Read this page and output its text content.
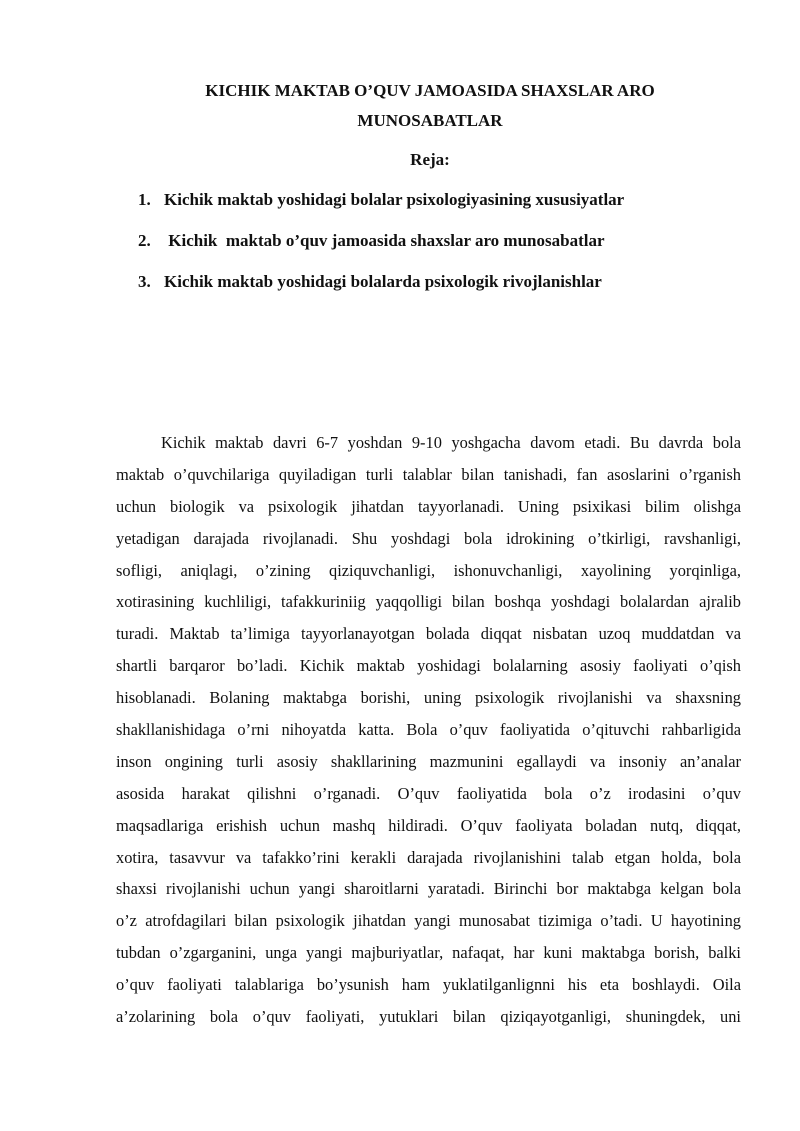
KICHIK MAKTAB O’QUV JAMOASIDA SHAXSLAR ARO
MUNOSABATLAR
Reja:
1. Kichik maktab yoshidagi bolalar psixologiyasining xususiyatlar
2. Kichik  maktab o’quv jamoasida shaxslar aro munosabatlar
3. Kichik maktab yoshidagi bolalarda psixologik rivojlanishlar
Kichik maktab davri 6-7 yoshdan 9-10 yoshgacha davom etadi. Bu davrda bola
maktab o’quvchilariga quyiladigan turli talablar bilan tanishadi, fan asoslarini o’rganish
uchun biologik va psixologik jihatdan tayyorlanadi. Uning psixikasi bilim olishga
yetadigan darajada rivojlanadi. Shu yoshdagi bola idrokining o’tkirligi, ravshanligi,
sofligi, aniqlagi, o’zining qiziquvchanligi, ishonuvchanligi, xayolining yorqinliga,
xotirasining kuchliligi, tafakkuriniig yaqqolligi bilan boshqa yoshdagi bolalardan ajralib
turadi. Maktab ta’limiga tayyorlanayotgan bolada diqqat nisbatan uzoq muddatdan va
shartli barqaror bo’ladi. Kichik maktab yoshidagi bolalarning asosiy faoliyati o’qish
hisoblanadi. Bolaning maktabga borishi, uning psixologik rivojlanishi va shaxsning
shakllanishidaga o’rni nihoyatda katta. Bola o’quv faoliyatida o’qituvchi rahbarligida
inson ongining turli asosiy shakllarining mazmunini egallaydi va insoniy an’analar
asosida harakat qilishni o’rganadi. O’quv faoliyatida bola o’z irodasini o’quv
maqsadlariga erishish uchun mashq hildiradi. O’quv faoliyata boladan nutq, diqqat,
xotira, tasavvur va tafakko’rini kerakli darajada rivojlanishini talab etgan holda, bola
shaxsi rivojlanishi uchun yangi sharoitlarni yaratadi. Birinchi bor maktabga kelgan bola
o’z atrofdagilari bilan psixologik jihatdan yangi munosabat tizimiga o’tadi. U hayotining
tubdan o’zgarganini, unga yangi majburiyatlar, nafaqat, har kuni maktabga borish, balki
o’quv faoliyati talablariga bo’ysunish ham yuklatilganlignni his eta boshlaydi. Oila
a’zolarining bola o’quv faoliyati, yutuklari bilan qiziqayotganligi, shuningdek, uni
